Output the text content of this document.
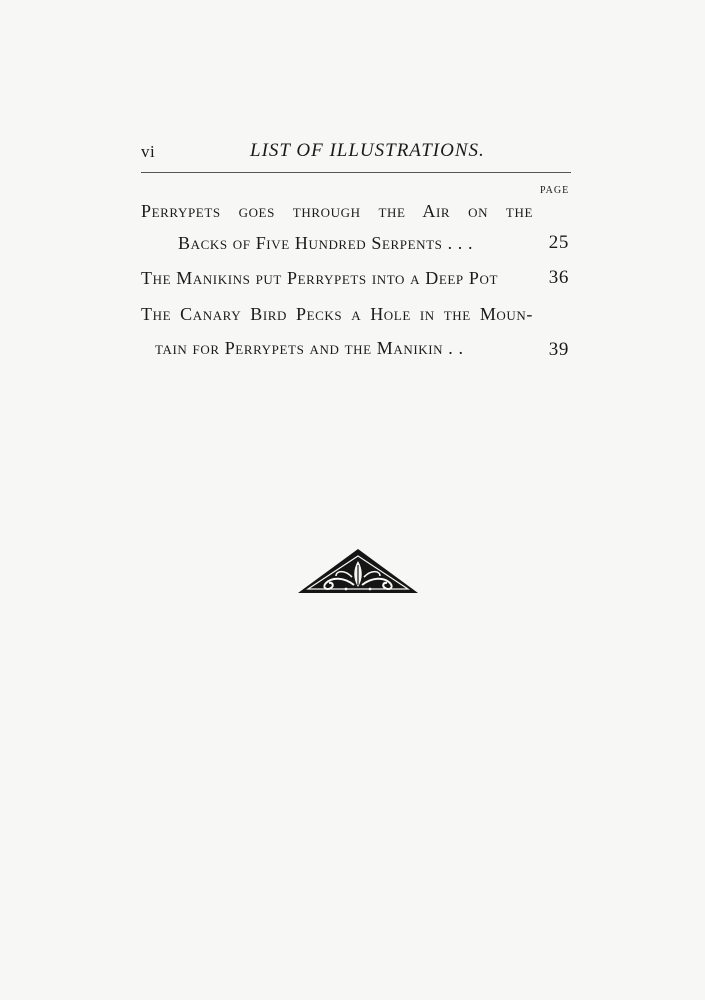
vi	LIST OF ILLUSTRATIONS.
PAGE
Perrypets goes through the Air on the
Backs of Five Hundred Serpents . . .	25
The Manikins put Perrypets into a Deep Pot	36
The Canary Bird Pecks a Hole in the Moun-
tain for Perrypets and the Manikin . .	39
